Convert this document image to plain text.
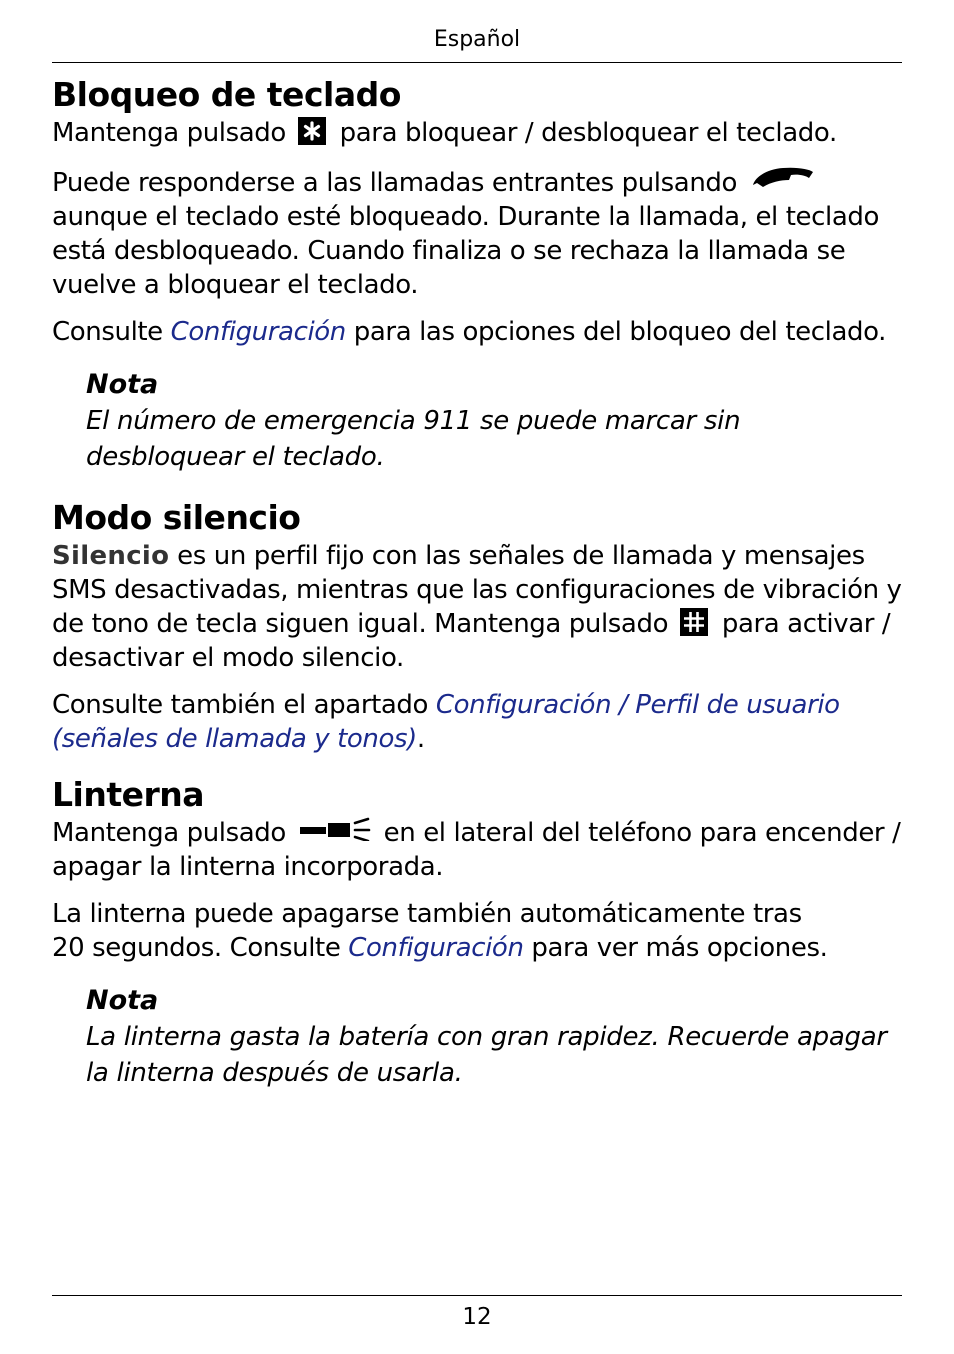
Español
Bloqueo de teclado

Mantenga pulsado para bloquear / desbloquear el teclado.

Puede responderse a las llamadas entrantes pulsando  aunque el teclado esté bloqueado. Durante la llamada, el teclado está desbloqueado. Cuando finaliza o se rechaza la llamada se vuelve a bloquear el teclado.

Consulte Configuración para las opciones del bloqueo del teclado.

Nota
El número de emergencia 911 se puede marcar sin desbloquear el teclado.
Modo silencio

Silencio es un perfil fijo con las señales de llamada y mensajes SMS desactivadas, mientras que las configuraciones de vibración y de tono de tecla siguen igual. Mantenga pulsado para activar / desactivar el modo silencio.

Consulte también el apartado Configuración / Perfil de usuario (señales de llamada y tonos).

Linterna

Mantenga pulsado	en el lateral del teléfono para encender / apagar la linterna incorporada.

La linterna puede apagarse también automáticamente tras
20 segundos. Consulte Configuración para ver más opciones.

Nota
La linterna gasta la batería con gran rapidez. Recuerde apagar la linterna después de usarla.
12
